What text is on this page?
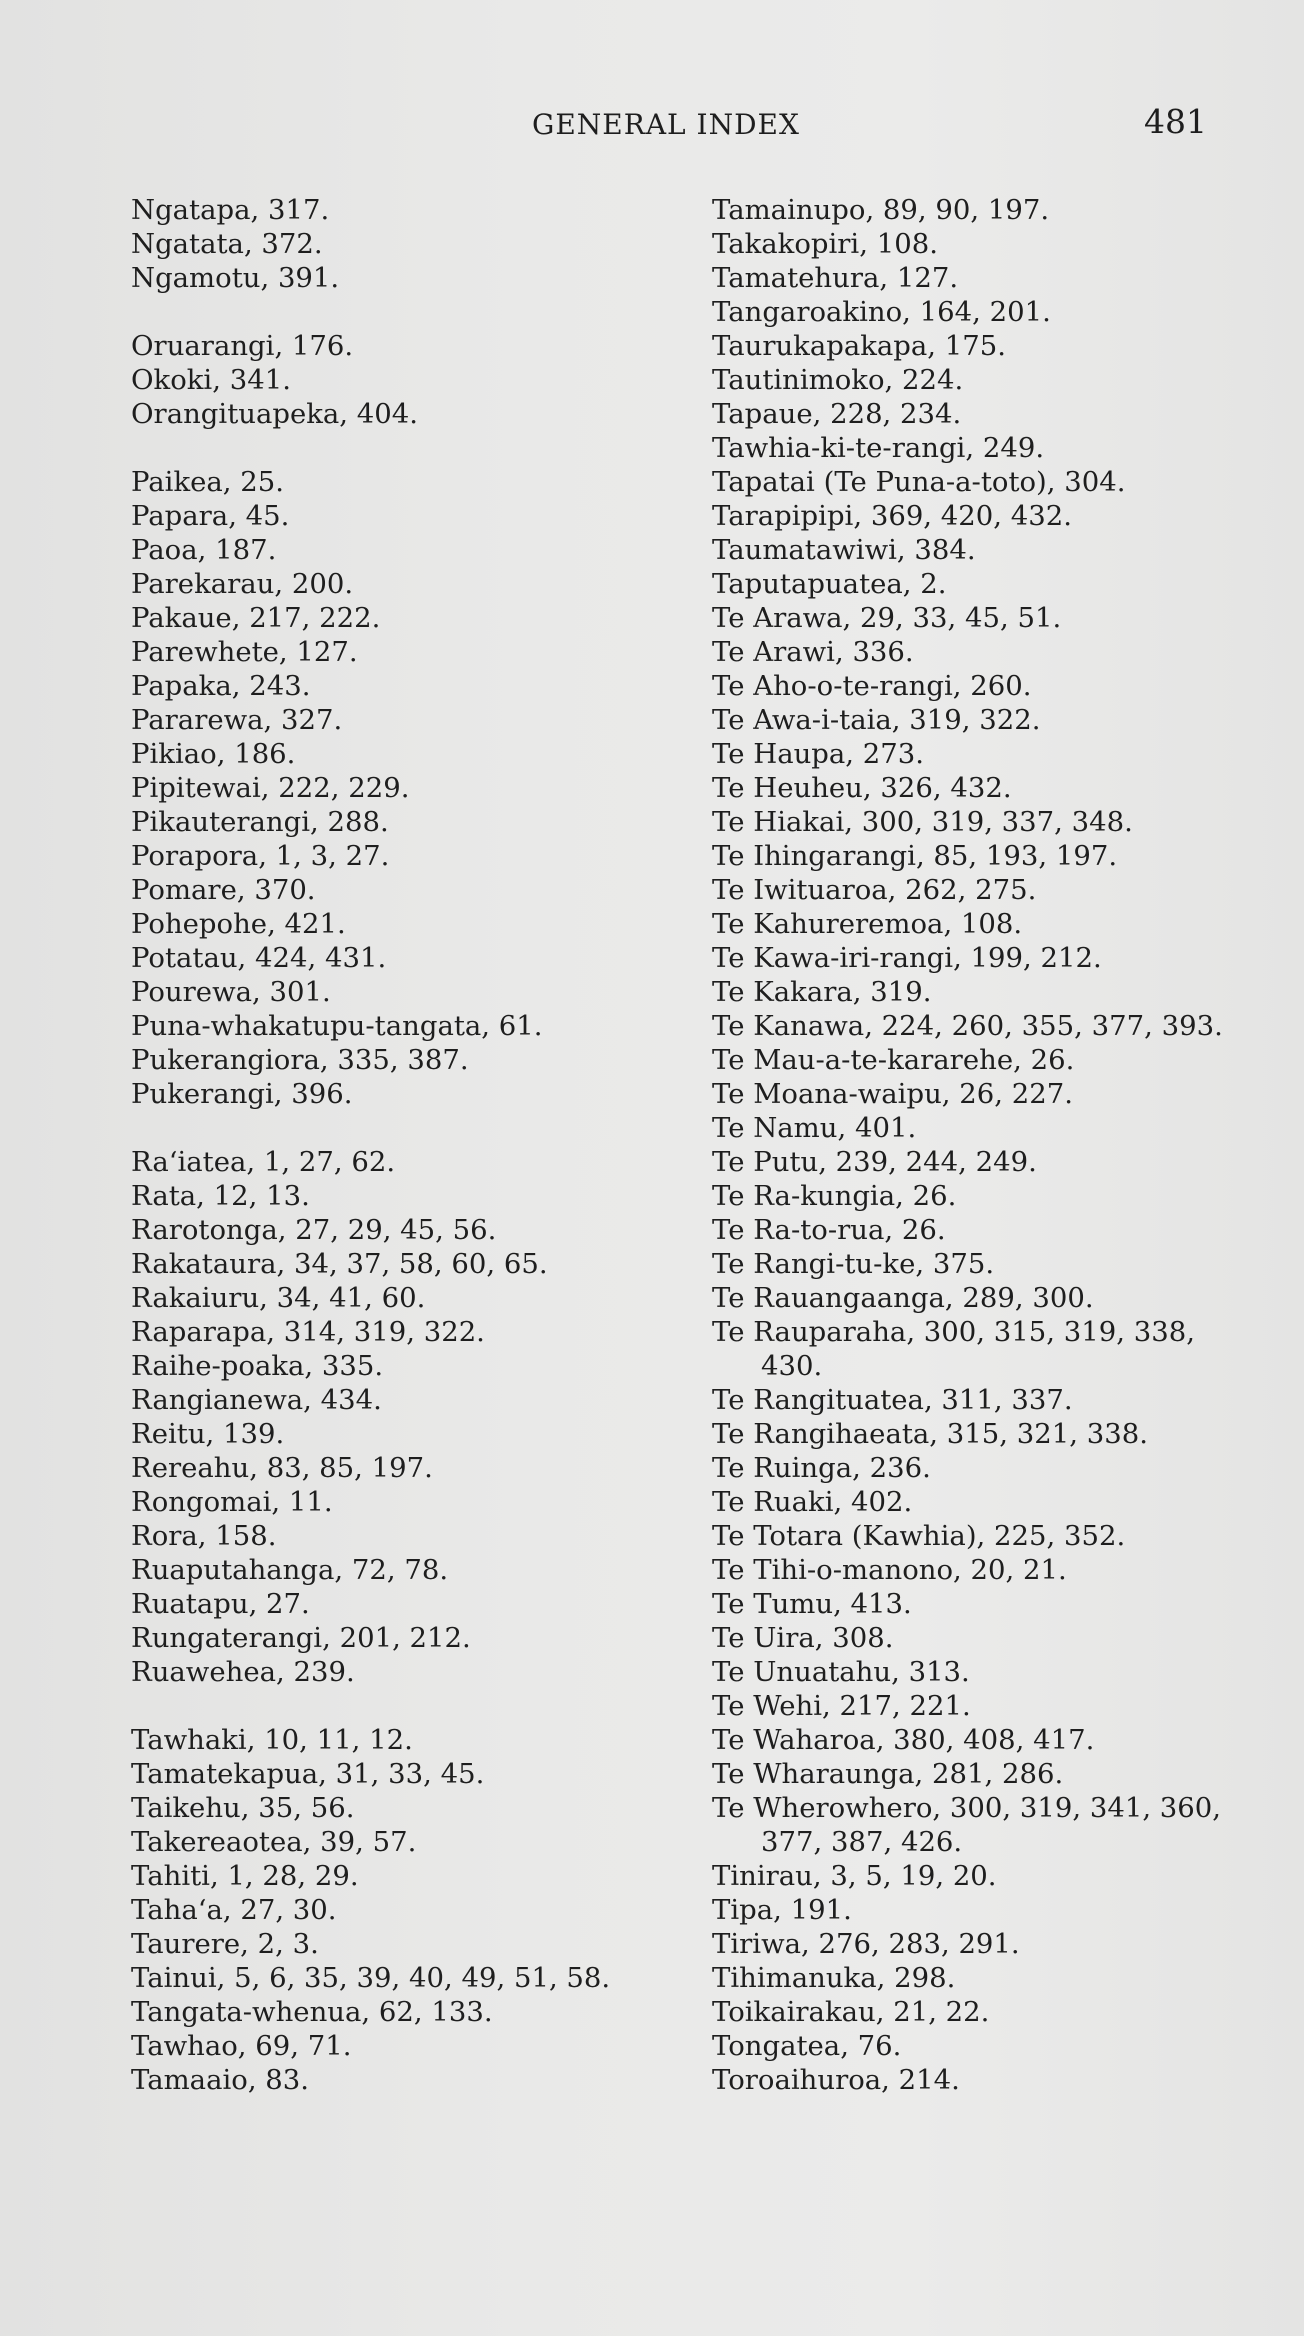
GENERAL INDEX	481
Ngatapa, 317.
Ngatata, 372.
Ngamotu, 391.
Oruarangi, 176.
Okoki, 341.
Orangituapeka, 404.
Paikea, 25.
Papara, 45.
Paoa, 187.
Parekarau, 200.
Pakaue, 217, 222.
Parewhete, 127.
Papaka, 243.
Pararewa, 327.
Pikiao, 186.
Pipitewai, 222, 229.
Pikauterangi, 288.
Porapora, 1, 3, 27.
Pomare, 370.
Pohepohe, 421.
Potatau, 424, 431.
Pourewa, 301.
Puna-whakatupu-tangata, 61.
Pukerangiora, 335, 387.
Pukerangi, 396.
Ra‘iatea, 1, 27, 62.
Rata, 12, 13.
Rarotonga, 27, 29, 45, 56.
Rakataura, 34, 37, 58, 60, 65.
Rakaiuru, 34, 41, 60.
Raparapa, 314, 319, 322.
Raihe-poaka, 335.
Rangianewa, 434.
Reitu, 139.
Rereahu, 83, 85, 197.
Rongomai, 11.
Rora, 158.
Ruaputahanga, 72, 78.
Ruatapu, 27.
Rungaterangi, 201, 212.
Ruawehea, 239.
Tawhaki, 10, 11, 12.
Tamatekapua, 31, 33, 45.
Taikehu, 35, 56.
Takereaotea, 39, 57.
Tahiti, 1, 28, 29.
Taha‘a, 27, 30.
Taurere, 2, 3.
Tainui, 5, 6, 35, 39, 40, 49, 51, 58.
Tangata-whenua, 62, 133.
Tawhao, 69, 71.
Tamaaio, 83.
Tamainupo, 89, 90, 197.
Takakopiri, 108.
Tamatehura, 127.
Tangaroakino, 164, 201.
Taurukapakapa, 175.
Tautinimoko, 224.
Tapaue, 228, 234.
Tawhia-ki-te-rangi, 249.
Tapatai (Te Puna-a-toto), 304.
Tarapipipi, 369, 420, 432.
Taumatawiwi, 384.
Taputapuatea, 2.
Te Arawa, 29, 33, 45, 51.
Te Arawi, 336.
Te Aho-o-te-rangi, 260.
Te Awa-i-taia, 319, 322.
Te Haupa, 273.
Te Heuheu, 326, 432.
Te Hiakai, 300, 319, 337, 348.
Te Ihingarangi, 85, 193, 197.
Te Iwituaroa, 262, 275.
Te Kahureremoa, 108.
Te Kawa-iri-rangi, 199, 212.
Te Kakara, 319.
Te Kanawa, 224, 260, 355, 377, 393.
Te Mau-a-te-kararehe, 26.
Te Moana-waipu, 26, 227.
Te Namu, 401.
Te Putu, 239, 244, 249.
Te Ra-kungia, 26.
Te Ra-to-rua, 26.
Te Rangi-tu-ke, 375.
Te Rauangaanga, 289, 300.
Te Rauparaha, 300, 315, 319, 338,
430.
Te Rangituatea, 311, 337.
Te Rangihaeata, 315, 321, 338.
Te Ruinga, 236.
Te Ruaki, 402.
Te Totara (Kawhia), 225, 352.
Te Tihi-o-manono, 20, 21.
Te Tumu, 413.
Te Uira, 308.
Te Unuatahu, 313.
Te Wehi, 217, 221.
Te Waharoa, 380, 408, 417.
Te Wharaunga, 281, 286.
Te Wherowhero, 300, 319, 341, 360,
377, 387, 426.
Tinirau, 3, 5, 19, 20.
Tipa, 191.
Tiriwa, 276, 283, 291.
Tihimanuka, 298.
Toikairakau, 21, 22.
Tongatea, 76.
Toroaihuroa, 214.
